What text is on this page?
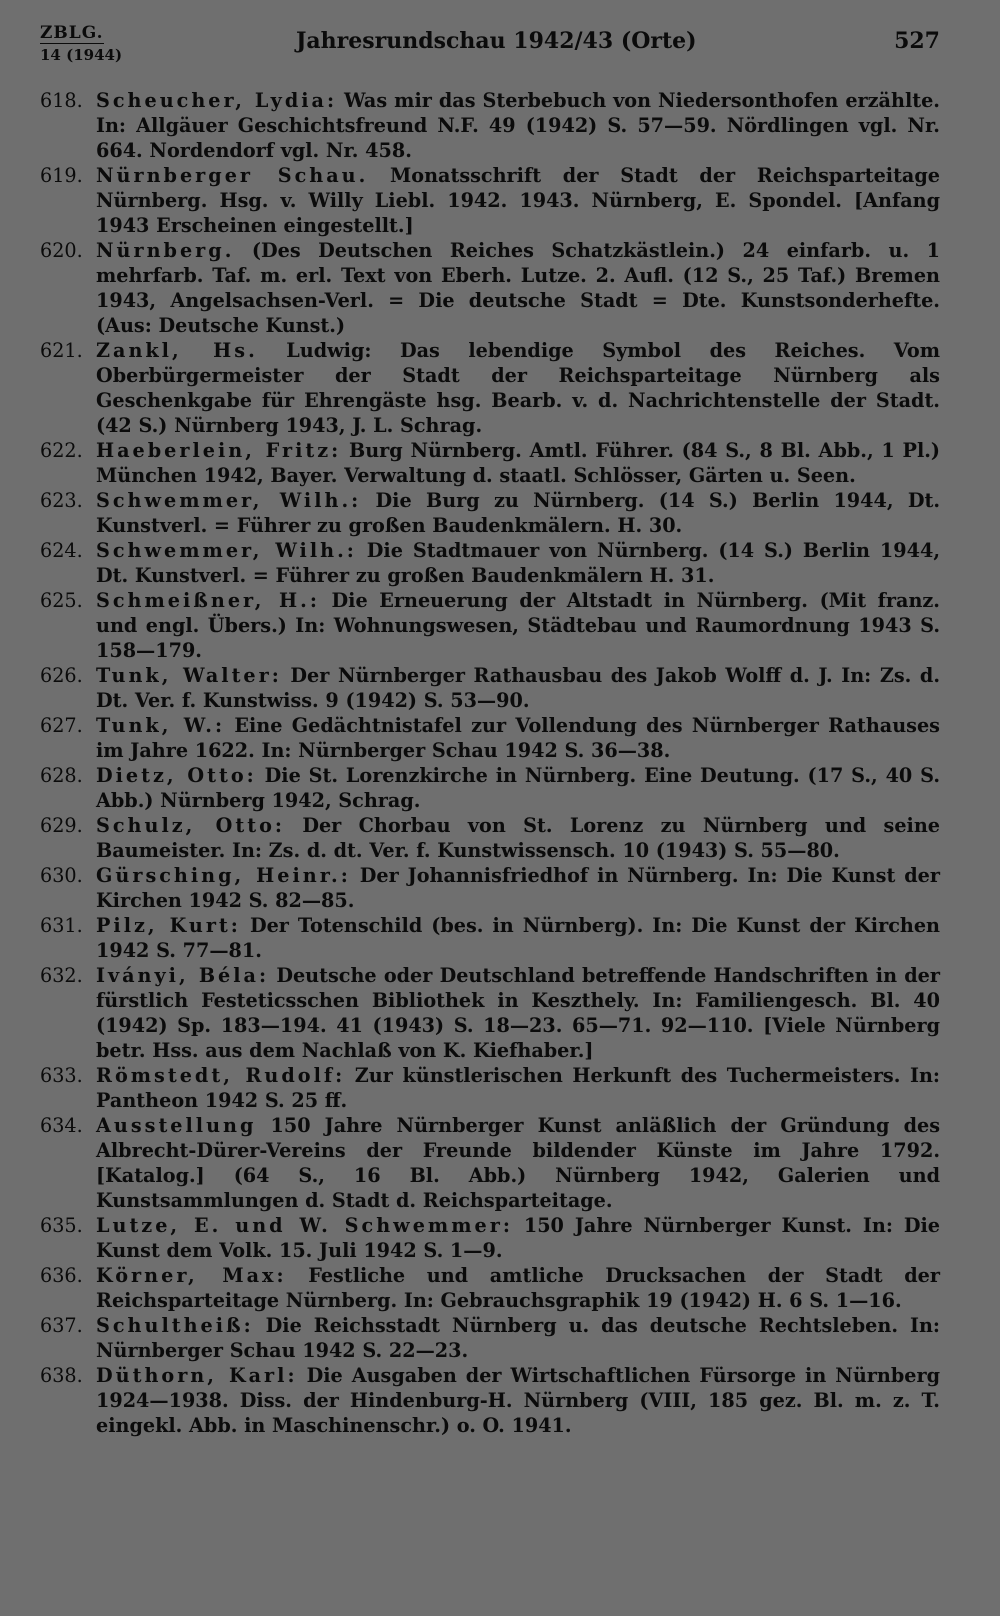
ZBLG.
14 (1944)
Jahresrundschau 1942/43 (Orte)	527
618. Scheucher, Lydia: Was mir das Sterbebuch von Niedersonthofen erzählte. In: Allgäuer Geschichtsfreund N.F. 49 (1942) S. 57—59. Nördlingen vgl. Nr. 664. Nordendorf vgl. Nr. 458.
619. Nürnberger Schau. Monatsschrift der Stadt der Reichsparteitage Nürnberg. Hsg. v. Willy Liebl. 1942. 1943. Nürnberg, E. Spondel. [Anfang 1943 Erscheinen eingestellt.]
620. Nürnberg. (Des Deutschen Reiches Schatzkästlein.) 24 einfarb. u. 1 mehrfarb. Taf. m. erl. Text von Eberh. Lutze. 2. Aufl. (12 S., 25 Taf.) Bremen 1943, Angelsachsen-Verl. = Die deutsche Stadt = Dte. Kunstsonderhefte. (Aus: Deutsche Kunst.)
621. Zankl, Hs. Ludwig: Das lebendige Symbol des Reiches. Vom Oberbürgermeister der Stadt der Reichsparteitage Nürnberg als Geschenkgabe für Ehrengäste hsg. Bearb. v. d. Nachrichtenstelle der Stadt. (42 S.) Nürnberg 1943, J. L. Schrag.
622. Haeberlein, Fritz: Burg Nürnberg. Amtl. Führer. (84 S., 8 Bl. Abb., 1 Pl.) München 1942, Bayer. Verwaltung d. staatl. Schlösser, Gärten u. Seen.
623. Schwemmer, Wilh.: Die Burg zu Nürnberg. (14 S.) Berlin 1944, Dt. Kunstverl. = Führer zu großen Baudenkmälern. H. 30.
624. Schwemmer, Wilh.: Die Stadtmauer von Nürnberg. (14 S.) Berlin 1944, Dt. Kunstverl. = Führer zu großen Baudenkmälern H. 31.
625. Schmeißner, H.: Die Erneuerung der Altstadt in Nürnberg. (Mit franz. und engl. Übers.) In: Wohnungswesen, Städtebau und Raumordnung 1943 S. 158—179.
626. Tunk, Walter: Der Nürnberger Rathausbau des Jakob Wolff d. J. In: Zs. d. Dt. Ver. f. Kunstwiss. 9 (1942) S. 53—90.
627. Tunk, W.: Eine Gedächtnistafel zur Vollendung des Nürnberger Rathauses im Jahre 1622. In: Nürnberger Schau 1942 S. 36—38.
628. Dietz, Otto: Die St. Lorenzkirche in Nürnberg. Eine Deutung. (17 S., 40 S. Abb.) Nürnberg 1942, Schrag.
629. Schulz, Otto: Der Chorbau von St. Lorenz zu Nürnberg und seine Baumeister. In: Zs. d. dt. Ver. f. Kunstwissensch. 10 (1943) S. 55—80.
630. Gürsching, Heinr.: Der Johannisfriedhof in Nürnberg. In: Die Kunst der Kirchen 1942 S. 82—85.
631. Pilz, Kurt: Der Totenschild (bes. in Nürnberg). In: Die Kunst der Kirchen 1942 S. 77—81.
632. Iványi, Béla: Deutsche oder Deutschland betreffende Handschriften in der fürstlich Festeticsschen Bibliothek in Keszthely. In: Familiengesch. Bl. 40 (1942) Sp. 183—194. 41 (1943) S. 18—23. 65—71. 92—110. [Viele Nürnberg betr. Hss. aus dem Nachlaß von K. Kiefhaber.]
633. Römstedt, Rudolf: Zur künstlerischen Herkunft des Tuchermeisters. In: Pantheon 1942 S. 25 ff.
634. Ausstellung 150 Jahre Nürnberger Kunst anläßlich der Gründung des Albrecht-Dürer-Vereins der Freunde bildender Künste im Jahre 1792. [Katalog.] (64 S., 16 Bl. Abb.) Nürnberg 1942, Galerien und Kunstsammlungen d. Stadt d. Reichsparteitage.
635. Lutze, E. und W. Schwemmer: 150 Jahre Nürnberger Kunst. In: Die Kunst dem Volk. 15. Juli 1942 S. 1—9.
636. Körner, Max: Festliche und amtliche Drucksachen der Stadt der Reichsparteitage Nürnberg. In: Gebrauchsgraphik 19 (1942) H. 6 S. 1—16.
637. Schultheiß: Die Reichsstadt Nürnberg u. das deutsche Rechtsleben. In: Nürnberger Schau 1942 S. 22—23.
638. Düthorn, Karl: Die Ausgaben der Wirtschaftlichen Fürsorge in Nürnberg 1924—1938. Diss. der Hindenburg-H. Nürnberg (VIII, 185 gez. Bl. m. z. T. eingekl. Abb. in Maschinenschr.) o. O. 1941.
